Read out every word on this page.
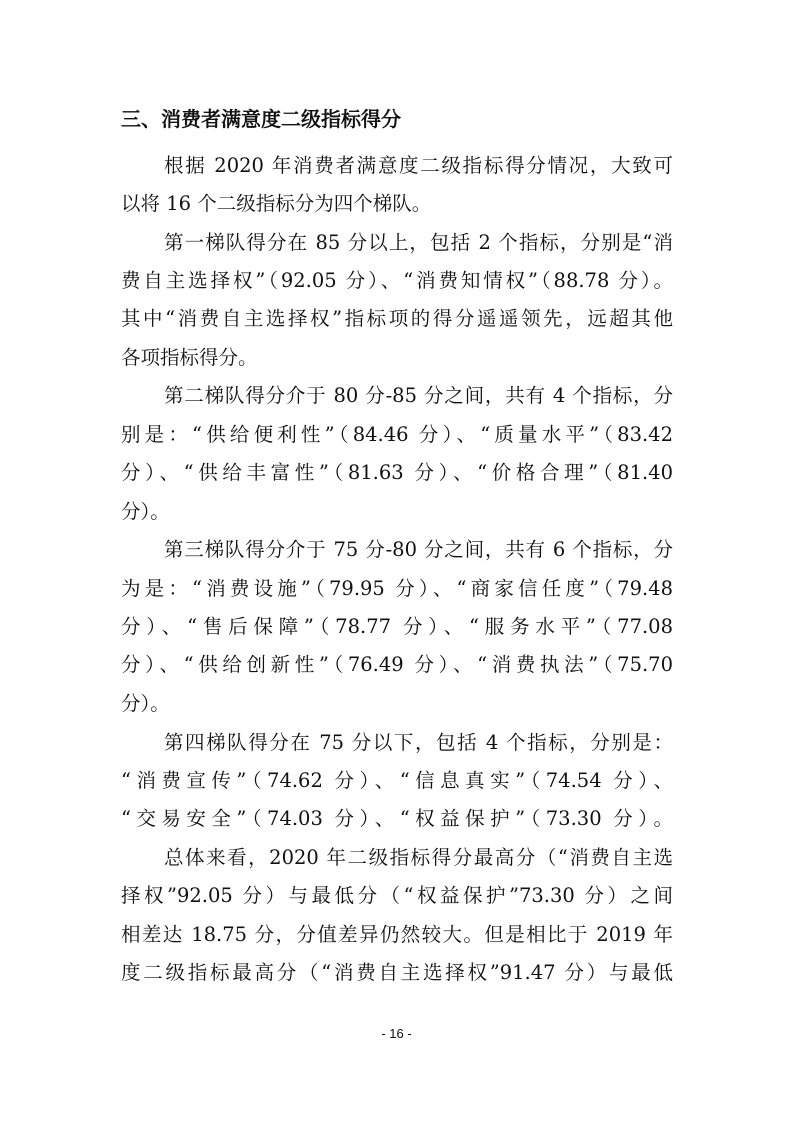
三、消费者满意度二级指标得分
根据 2020 年消费者满意度二级指标得分情况，大致可
以将 16 个二级指标分为四个梯队。
第一梯队得分在 85 分以上，包括 2 个指标，分别是“消
费自主选择权”（92.05 分）、“消费知情权”（88.78 分）。
其中“消费自主选择权”指标项的得分遥遥领先，远超其他
各项指标得分。
第二梯队得分介于 80 分-85 分之间，共有 4 个指标，分
别是：“供给便利性”（84.46 分）、“质量水平”（83.42
分）、“供给丰富性”（81.63 分）、“价格合理”（81.40
分）。
第三梯队得分介于 75 分-80 分之间，共有 6 个指标，分
为是：“消费设施”（79.95 分）、“商家信任度”（79.48
分）、“售后保障”（78.77 分）、“服务水平”（77.08
分）、“供给创新性”（76.49 分）、“消费执法”（75.70
分）。
第四梯队得分在 75 分以下，包括 4 个指标，分别是：
“消费宣传”（74.62 分）、“信息真实”（74.54 分）、
“交易安全”（74.03 分）、“权益保护”（73.30 分）。
总体来看，2020 年二级指标得分最高分（“消费自主选
择权”92.05 分）与最低分（“权益保护”73.30 分）之间
相差达 18.75 分，分值差异仍然较大。但是相比于 2019 年
度二级指标最高分（“消费自主选择权”91.47 分）与最低
- 16 -
